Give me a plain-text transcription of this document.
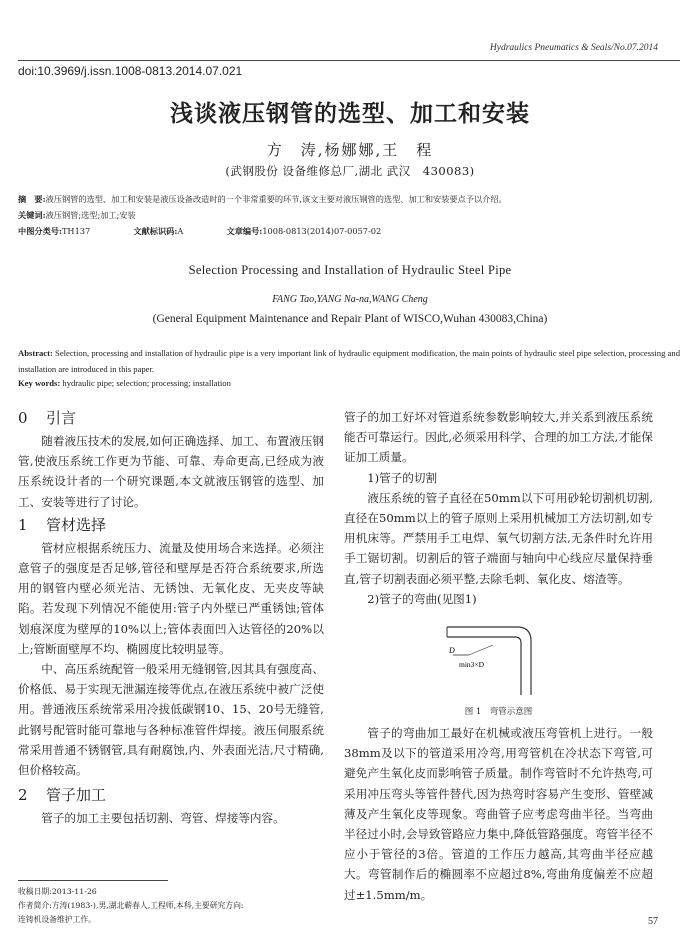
Hydraulics Pneumatics & Seals/No.07.2014
doi:10.3969/j.issn.1008-0813.2014.07.021
浅谈液压钢管的选型、加工和安装
方　涛,杨娜娜,王　程
(武钢股份 设备维修总厂,湖北 武汉　430083)
摘　要:液压钢管的选型、加工和安装是液压设备改造时的一个非常重要的环节,该文主要对液压钢管的选型、加工和安装要点予以介绍。
关键词:液压钢管;选型;加工;安装
中图分类号:TH137	文献标识码:A	文章编号:1008-0813(2014)07-0057-02
Selection Processing and Installation of Hydraulic Steel Pipe
FANG Tao,YANG Na-na,WANG Cheng
(General Equipment Maintenance and Repair Plant of WISCO,Wuhan 430083,China)
Abstract: Selection, processing and installation of hydraulic pipe is a very important link of hydraulic equipment modification, the main points of hydraulic steel pipe selection, processing and installation are introduced in this paper.
Key words: hydraulic pipe; selection; processing; installation
0 引言

随着液压技术的发展,如何正确选择、加工、布置液压钢管,使液压系统工作更为节能、可靠、寿命更高,已经成为液压系统设计者的一个研究课题,本文就液压钢管的选型、加工、安装等进行了讨论。

1 管材选择

管材应根据系统压力、流量及使用场合来选择。必须注意管子的强度是否足够,管径和壁厚是否符合系统要求,所选用的钢管内壁必须光洁、无锈蚀、无氧化皮、无夹皮等缺陷。若发现下列情况不能使用:管子内外壁已严重锈蚀;管体划痕深度为壁厚的10%以上;管体表面凹入达管径的20%以上;管断面壁厚不均、椭圆度比较明显等。

中、高压系统配管一般采用无缝钢管,因其具有强度高、价格低、易于实现无泄漏连接等优点,在液压系统中被广泛使用。普通液压系统常采用冷拔低碳钢10、15、20号无缝管,此钢号配管时能可靠地与各种标准管件焊接。液压伺服系统常采用普通不锈钢管,具有耐腐蚀,内、外表面光洁,尺寸精确,但价格较高。

2 管子加工

管子的加工主要包括切割、弯管、焊接等内容。

管子的加工好坏对管道系统参数影响较大,并关系到液压系统能否可靠运行。因此,必须采用科学、合理的加工方法,才能保证加工质量。

1)管子的切割

液压系统的管子直径在50mm以下可用砂轮切割机切割,直径在50mm以上的管子原则上采用机械加工方法切割,如专用机床等。严禁用手工电焊、氧气切割方法,无条件时允许用手工锯切割。切割后的管子端面与轴向中心线应尽量保持垂直,管子切割表面必须平整,去除毛刺、氧化皮、熔渣等。

2)管子的弯曲(见图1)

D
min3×D
图 1　弯管示意图

管子的弯曲加工最好在机械或液压弯管机上进行。一般38mm及以下的管道采用冷弯,用弯管机在冷状态下弯管,可避免产生氧化皮而影响管子质量。制作弯管时不允许热弯,可采用冲压弯头等管件替代,因为热弯时容易产生变形、管壁减薄及产生氧化皮等现象。弯曲管子应考虑弯曲半径。当弯曲半径过小时,会导致管路应力集中,降低管路强度。弯管半径不应小于管径的3倍。管道的工作压力越高,其弯曲半径应越大。弯管制作后的椭圆率不应超过8%,弯曲角度偏差不应超过±1.5mm/m。

收稿日期:2013-11-26
作者简介:方涛(1983-),男,湖北蕲春人,工程师,本科,主要研究方向:
连铸机设备维护工作。	57
